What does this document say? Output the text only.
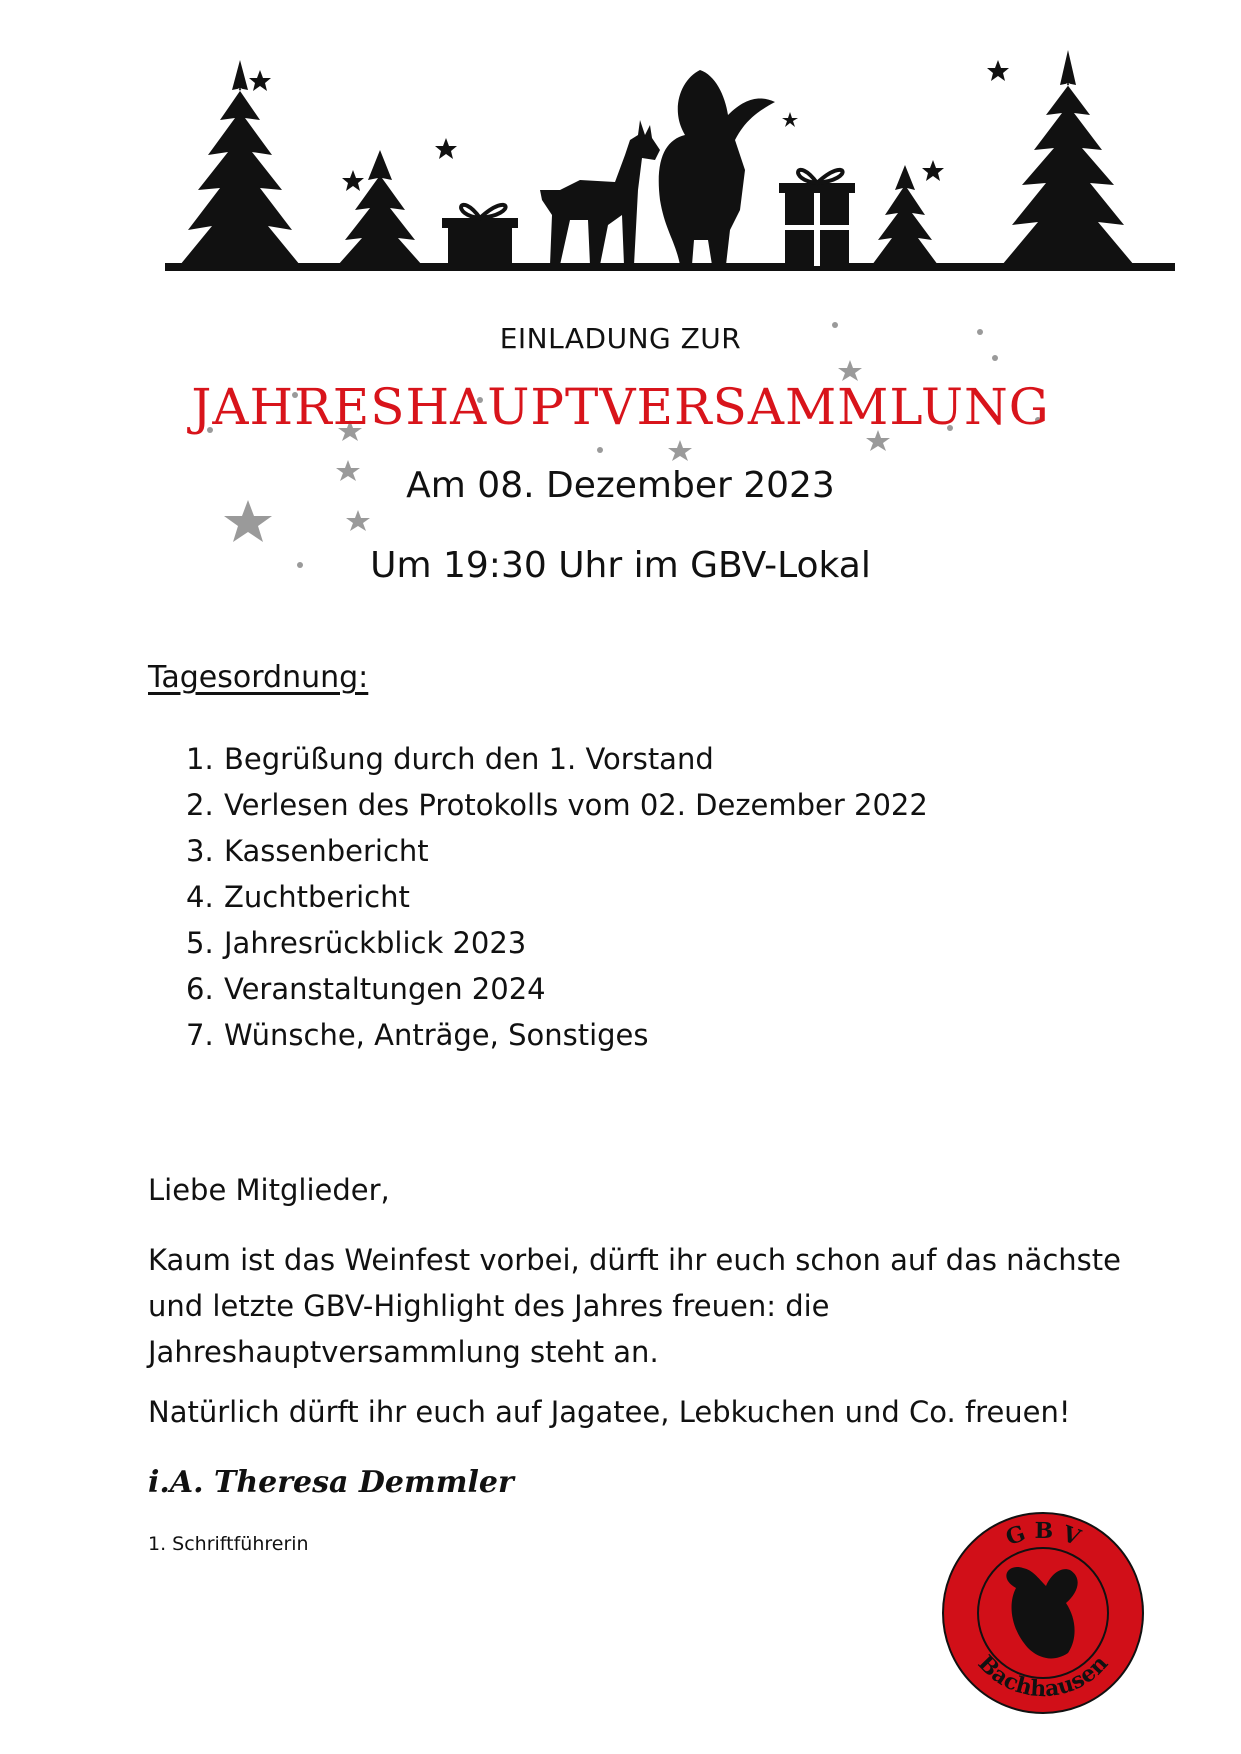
EINLADUNG ZUR
JAHRESHAUPTVERSAMMLUNG
Am 08. Dezember 2023
Um 19:30 Uhr im GBV-Lokal
Tagesordnung:
1. Begrüßung durch den 1. Vorstand
2. Verlesen des Protokolls vom 02. Dezember 2022
3. Kassenbericht
4. Zuchtbericht
5. Jahresrückblick 2023
6. Veranstaltungen 2024
7. Wünsche, Anträge, Sonstiges
Liebe Mitglieder,
Kaum ist das Weinfest vorbei, dürft ihr euch schon auf das nächste und letzte GBV-Highlight des Jahres freuen: die Jahreshauptversammlung steht an.
Natürlich dürft ihr euch auf Jagatee, Lebkuchen und Co. freuen!
i.A. Theresa Demmler
1. Schriftführerin	G B V
Bachhausen
